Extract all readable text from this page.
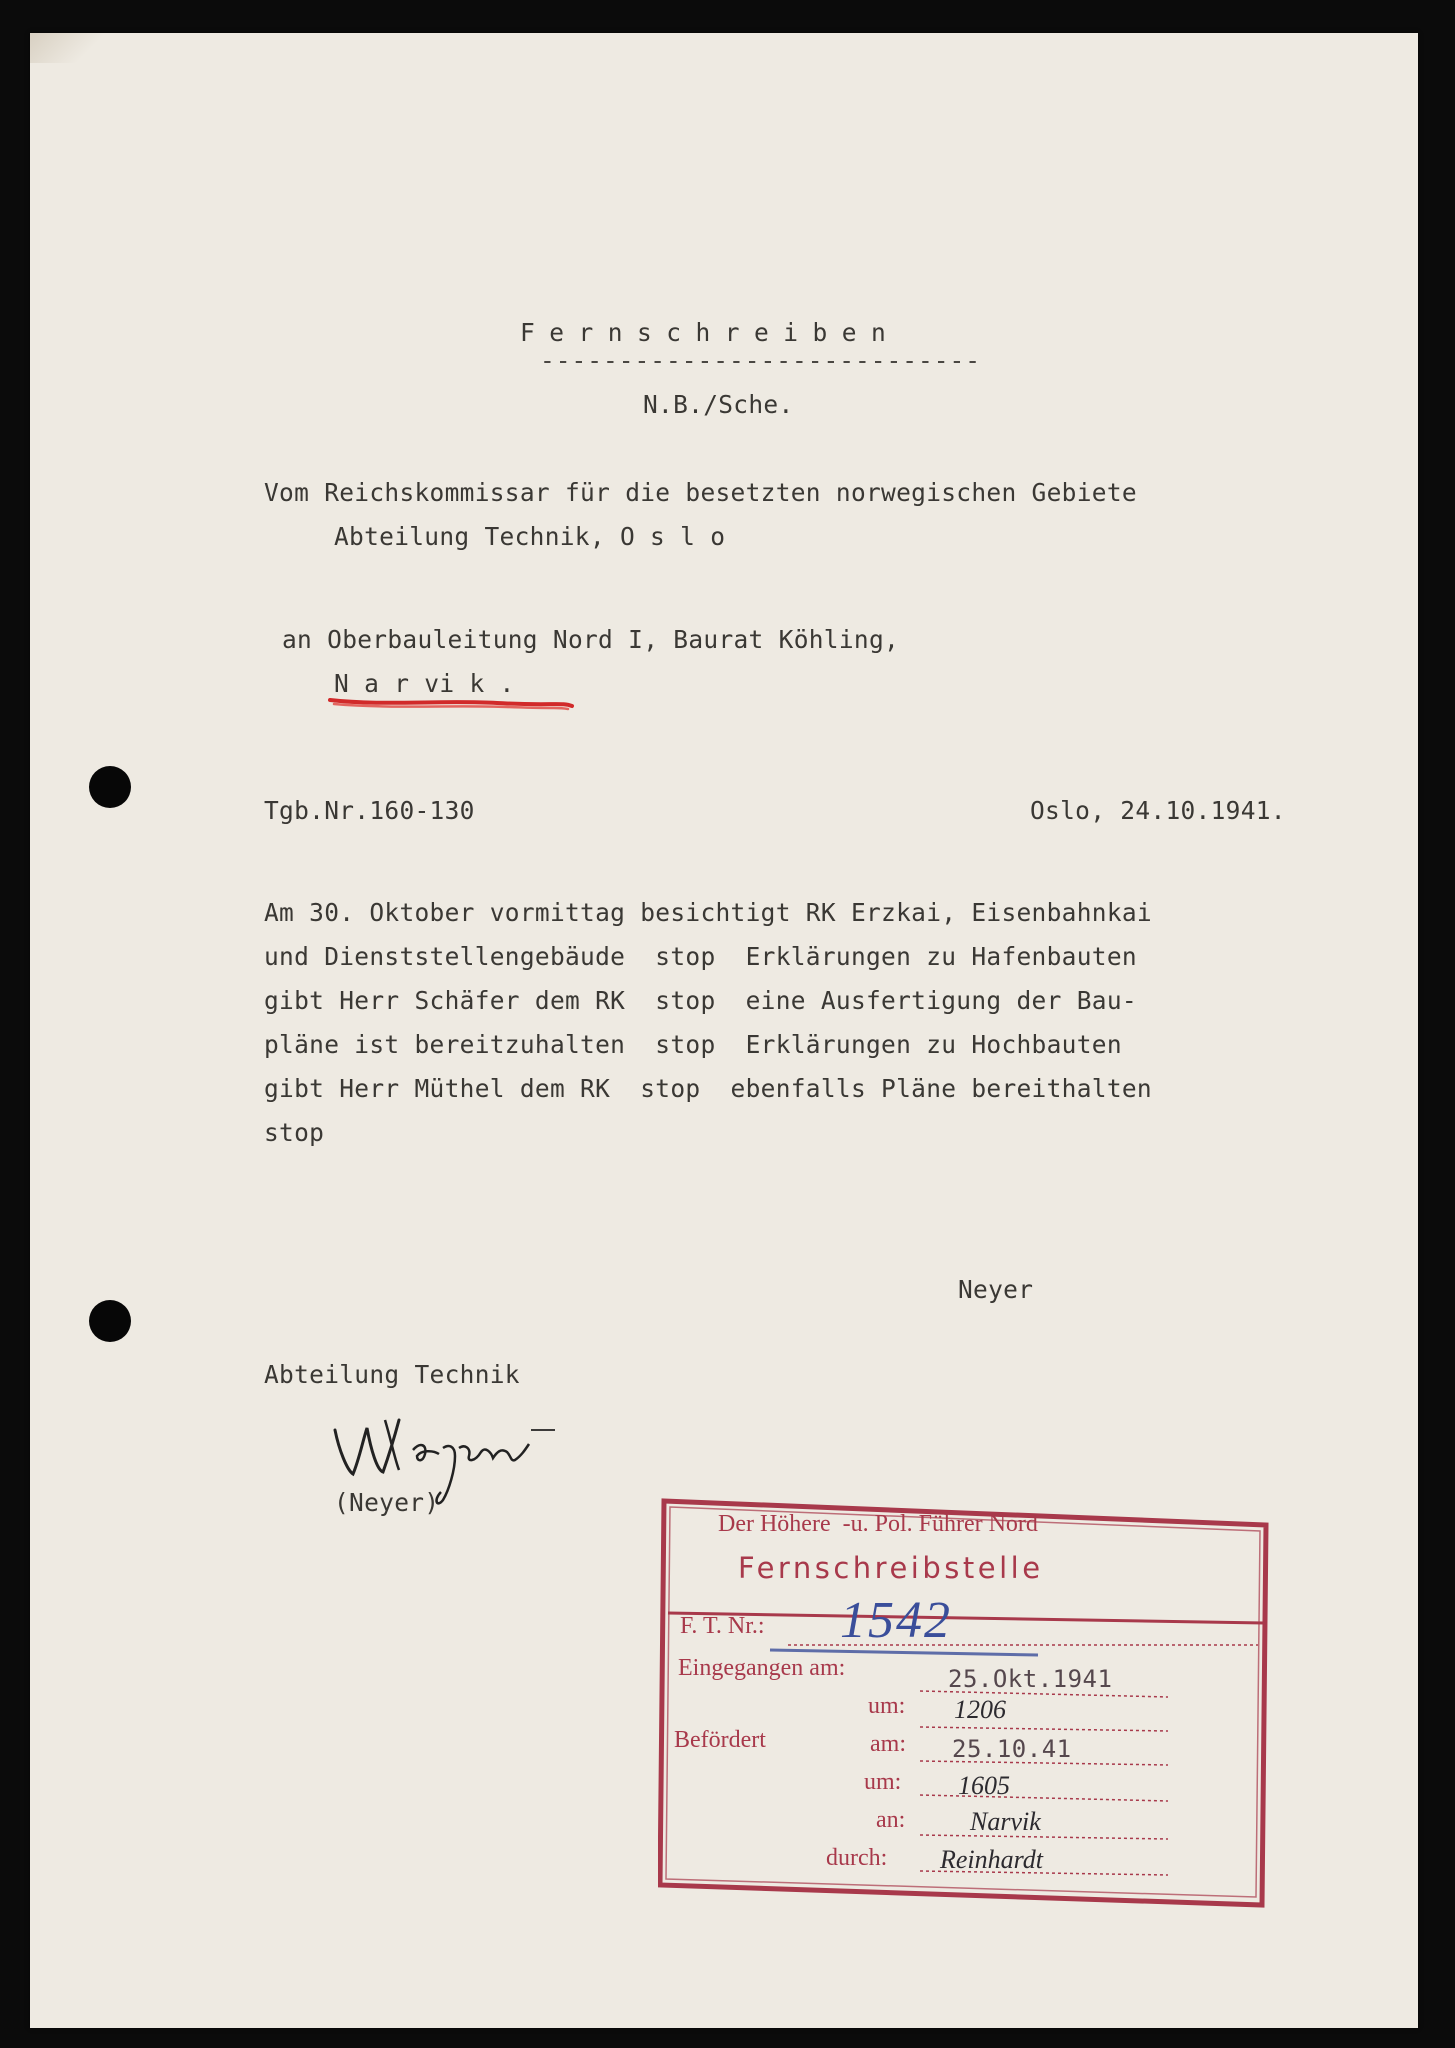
Fernschreiben
----------------------------
N.B./Sche.
Vom Reichskommissar für die besetzten norwegischen Gebiete
Abteilung Technik, O s l o
an Oberbauleitung Nord I, Baurat Köhling,
N a r vi k .
Tgb.Nr.160-130	Oslo, 24.10.1941.
Am 30. Oktober vormittag besichtigt RK Erzkai, Eisenbahnkai
und Dienststellengebäude  stop  Erklärungen zu Hafenbauten
gibt Herr Schäfer dem RK  stop  eine Ausfertigung der Bau-
pläne ist bereitzuhalten  stop  Erklärungen zu Hochbauten
gibt Herr Müthel dem RK  stop  ebenfalls Pläne bereithalten
stop
Neyer
Abteilung Technik
(Neyer)
Der Höhere  -u. Pol. Führer Nord
Fernschreibstelle
F. T. Nr.: 1542
Eingegangen am:	25.Okt.1941
um: 1206
Befördert	am: 25.10.41
um: 1605
an: Narvik
durch: Reinhardt
